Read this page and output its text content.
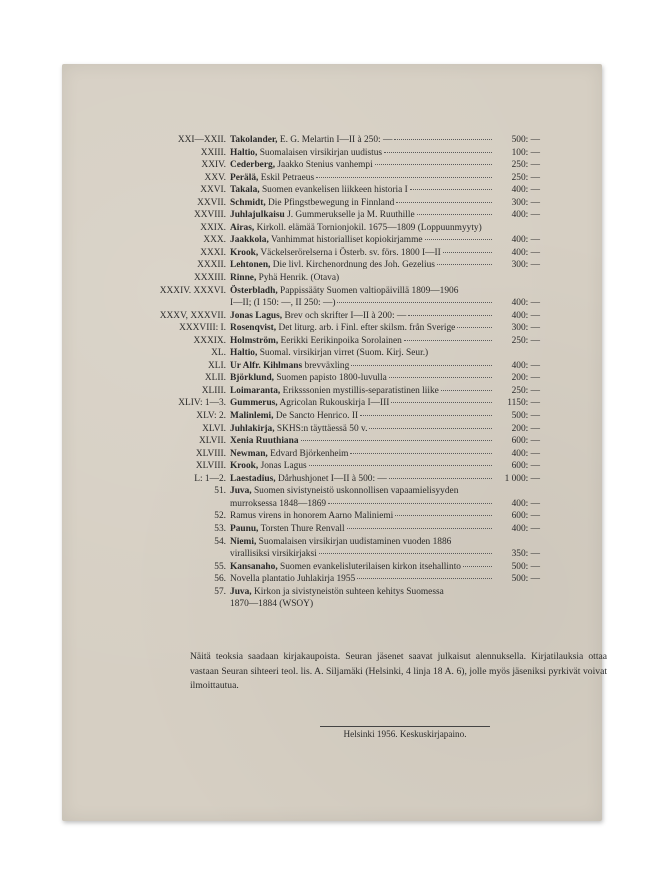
XXI—XXII. Takolander, E. G. Melartin I—II à 250: —	500: —
XXIII. Haltio, Suomalaisen virsikirjan uudistus	100: —
XXIV. Cederberg, Jaakko Stenius vanhempi	250: —
XXV. Perälä, Eskil Petraeus	250: —
XXVI. Takala, Suomen evankelisen liikkeen historia I	400: —
XXVII. Schmidt, Die Pfingstbewegung in Finnland	300: —
XXVIII. Juhlajulkaisu J. Gummerukselle ja M. Ruuthille	400: —
XXIX. Airas, Kirkoll. elämää Tornionjokil. 1675—1809 (Loppuunmyyty)
XXX. Jaakkola, Vanhimmat historialliset kopiokirjamme	400: —
XXXI. Krook, Väckelserörelserna i Österb. sv. förs. 1800 I—II	400: —
XXXII. Lehtonen, Die livl. Kirchenordnung des Joh. Gezelius	300: —
XXXIII. Rinne, Pyhä Henrik. (Otava)
XXXIV. XXXVI. Österbladh, Pappissääty Suomen valtiopäivillä 1809—1906
I—II; (I 150: —, II 250: —)	400: —
XXXV, XXXVII. Jonas Lagus, Brev och skrifter I—II à 200: —	400: —
XXXVIII: I. Rosenqvist, Det liturg. arb. i Finl. efter skilsm. från Sverige	300: —
XXXIX. Holmström, Eerikki Eerikinpoika Sorolainen	250: —
XL. Haltio, Suomal. virsikirjan virret (Suom. Kirj. Seur.)
XLI. Ur Alfr. Kihlmans brevväxling	400: —
XLII. Björklund, Suomen papisto 1800-luvulla	200: —
XLIII. Loimaranta, Eriksssonien mystillis-separatistinen liike	250: —
XLIV: 1—3. Gummerus, Agricolan Rukouskirja I—III	1150: —
XLV: 2. Malinlemi, De Sancto Henrico. II	500: —
XLVI. Juhlakirja, SKHS:n täyttäessä 50 v.	200: —
XLVII. Xenia Ruuthiana	600: —
XLVIII. Newman, Edvard Björkenheim	400: —
XLVIII. Krook, Jonas Lagus	600: —
L: 1—2. Laestadius, Dårhushjonet I—II à 500: —	1 000: —
51. Juva, Suomen sivistyneistö uskonnollisen vapaamielisyyden
murroksessa 1848—1869	400: —
52. Ramus virens in honorem Aarno Maliniemi	600: —
53. Paunu, Torsten Thure Renvall	400: —
54. Niemi, Suomalaisen virsikirjan uudistaminen vuoden 1886
virallisiksi virsikirjaksi	350: —
55. Kansanaho, Suomen evankelisluterilaisen kirkon itsehallinto	500: —
56. Novella plantatio Juhlakirja 1955	500: —
57. Juva, Kirkon ja sivistyneistön suhteen kehitys Suomessa
1870—1884 (WSOY)
Näitä teoksia saadaan kirjakaupoista. Seuran jäsenet saavat julkaisut alennuksella. Kirjatilauksia ottaa vastaan Seuran sihteeri teol. lis. A. Siljamäki (Helsinki, 4 linja 18 A. 6), jolle myös jäseniksi pyrkivät voivat ilmoittautua.
Helsinki 1956. Keskuskirjapaino.
